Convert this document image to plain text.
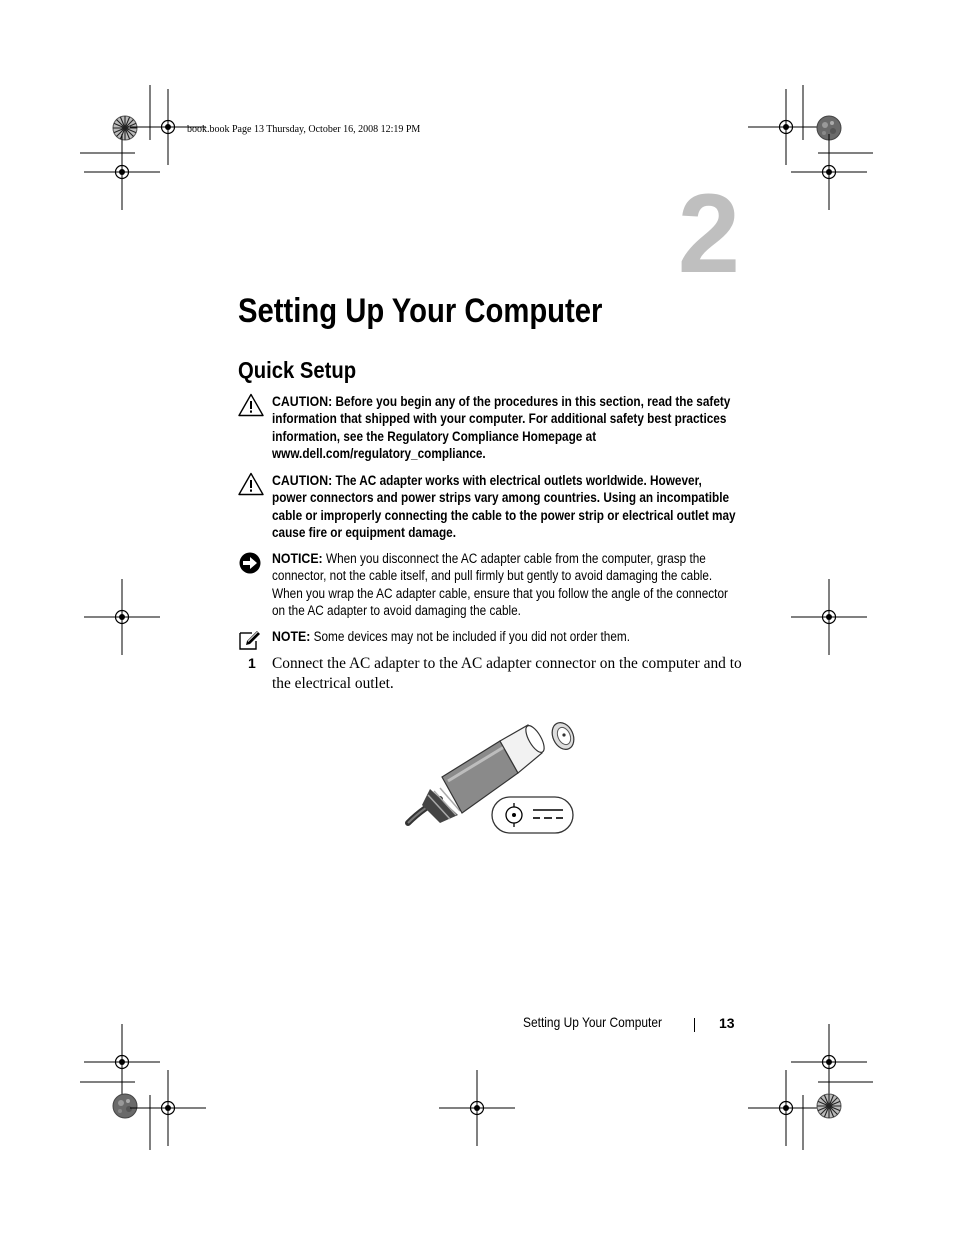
book.book Page 13 Thursday, October 16, 2008 12:19 PM
2
Setting Up Your Computer
Quick Setup
CAUTION: Before you begin any of the procedures in this section, read the safety information that shipped with your computer. For additional safety best practices information, see the Regulatory Compliance Homepage at www.dell.com/regulatory_compliance.
CAUTION: The AC adapter works with electrical outlets worldwide. However, power connectors and power strips vary among countries. Using an incompatible cable or improperly connecting the cable to the power strip or electrical outlet may cause fire or equipment damage.
NOTICE: When you disconnect the AC adapter cable from the computer, grasp the connector, not the cable itself, and pull firmly but gently to avoid damaging the cable. When you wrap the AC adapter cable, ensure that you follow the angle of the connector on the AC adapter to avoid damaging the cable.
NOTE: Some devices may not be included if you did not order them.
1 Connect the AC adapter to the AC adapter connector on the computer and to the electrical outlet.
Setting Up Your Computer	13
